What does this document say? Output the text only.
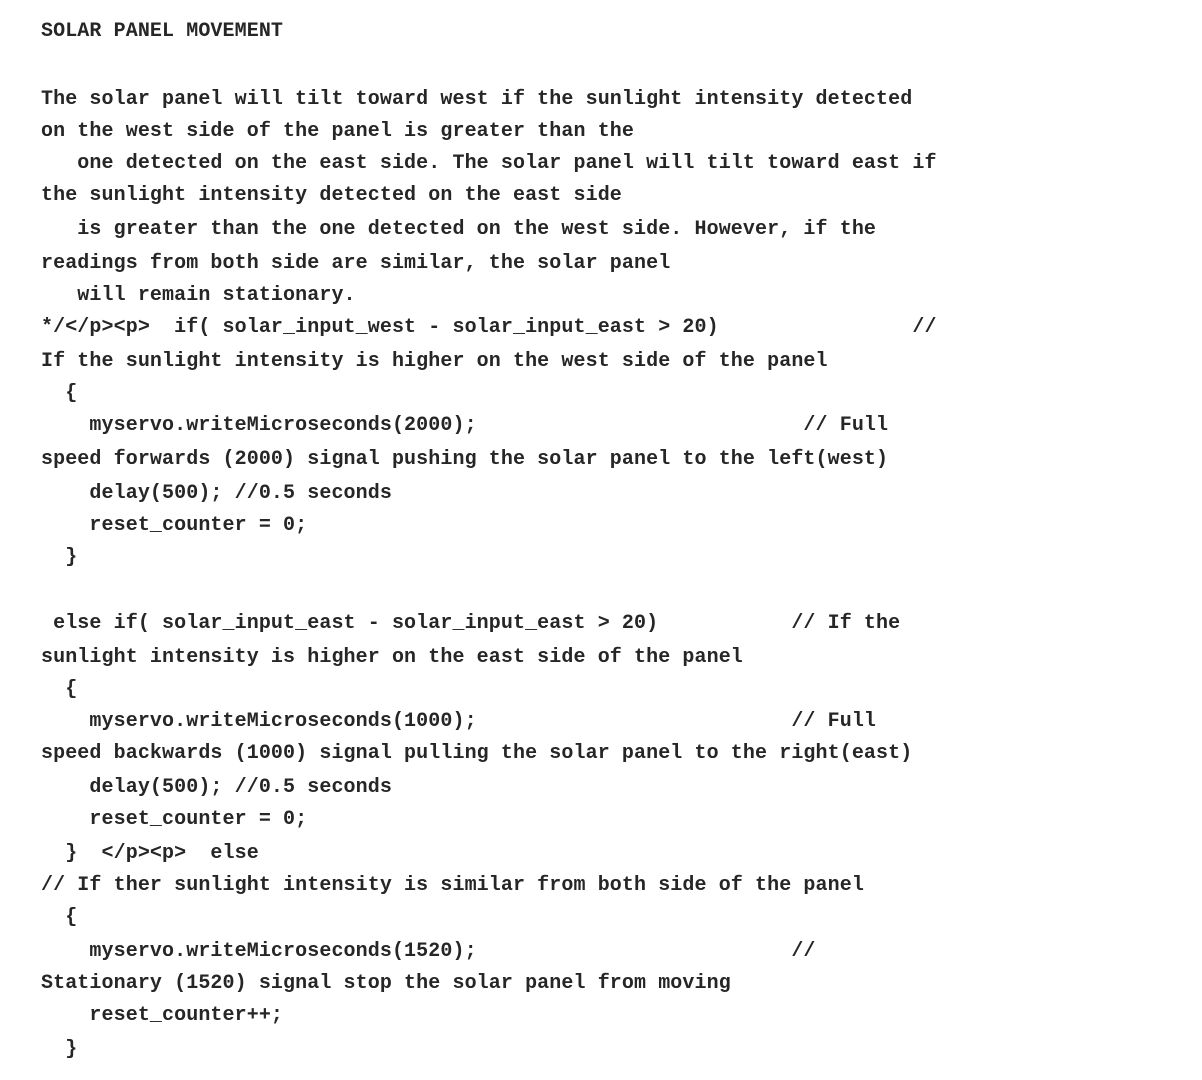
SOLAR PANEL MOVEMENT

The solar panel will tilt toward west if the sunlight intensity detected

on the west side of the panel is greater than the

one detected on the east side. The solar panel will tilt toward east if

the sunlight intensity detected on the east side

is greater than the one detected on the west side. However, if the

readings from both side are similar, the solar panel

will remain stationary.

*/</p><p>  if( solar_input_west - solar_input_east > 20)                //

If the sunlight intensity is higher on the west side of the panel

{

myservo.writeMicroseconds(2000);                           // Full

speed forwards (2000) signal pushing the solar panel to the left(west)

delay(500); //0.5 seconds

reset_counter = 0;

}

else if( solar_input_east - solar_input_east > 20)           // If the

sunlight intensity is higher on the east side of the panel

{

myservo.writeMicroseconds(1000);                          // Full

speed backwards (1000) signal pulling the solar panel to the right(east)

delay(500); //0.5 seconds

reset_counter = 0;

}  </p><p>  else

// If ther sunlight intensity is similar from both side of the panel

{

myservo.writeMicroseconds(1520);                          //

Stationary (1520) signal stop the solar panel from moving

reset_counter++;

}
